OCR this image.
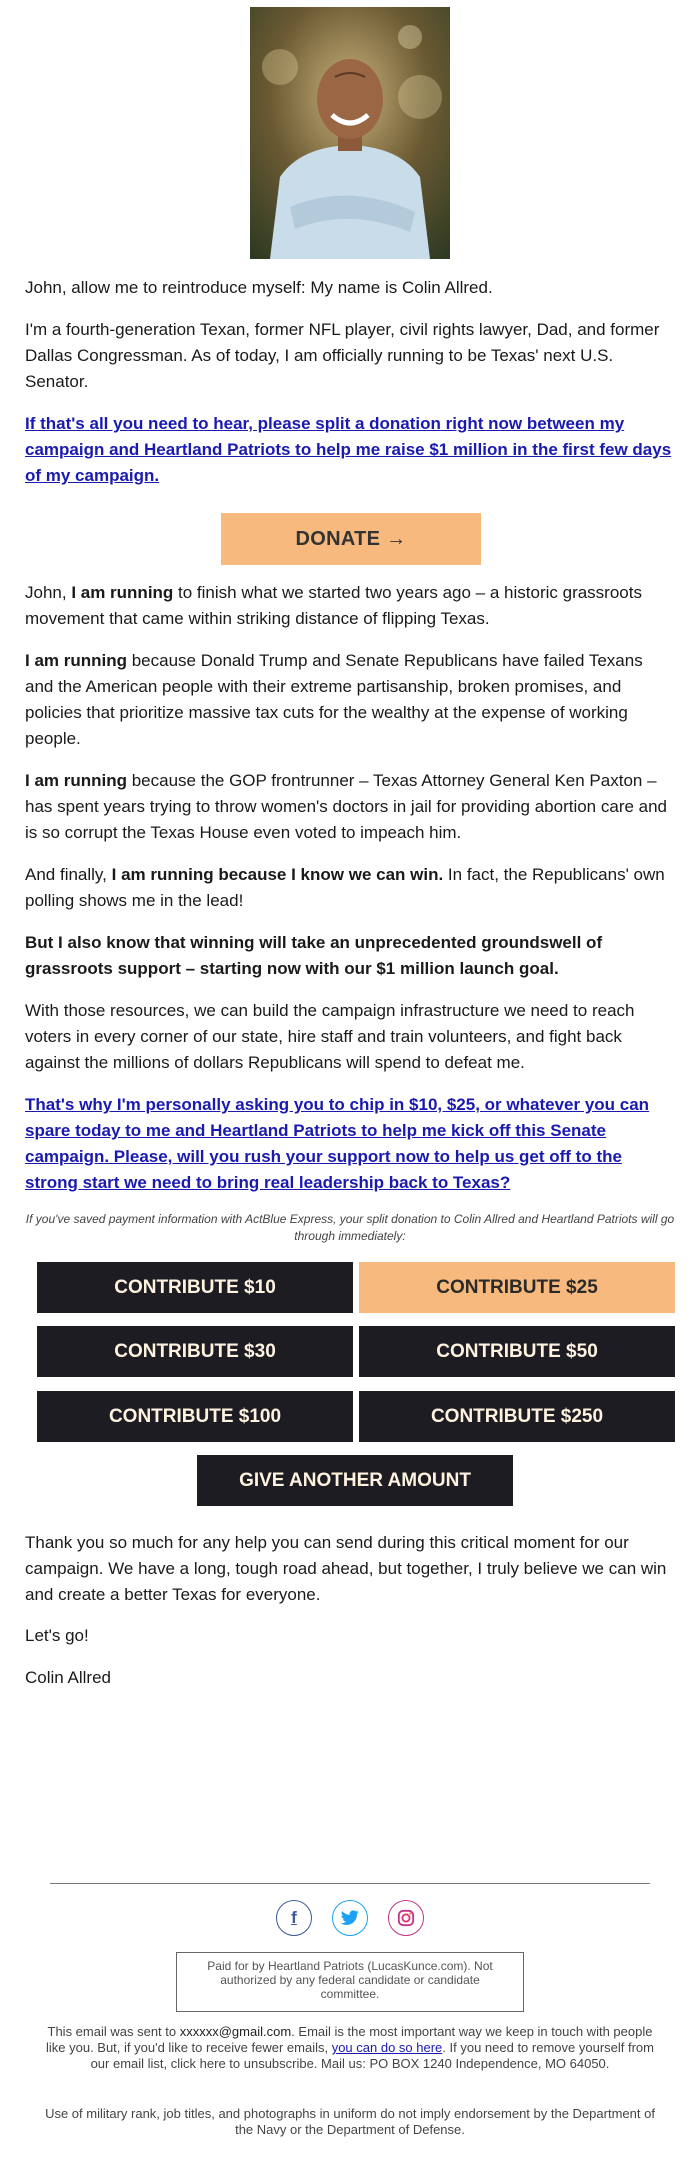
John, allow me to reintroduce myself: My name is Colin Allred.

I'm a fourth-generation Texan, former NFL player, civil rights lawyer, Dad, and former Dallas Congressman. As of today, I am officially running to be Texas' next U.S. Senator.

If that's all you need to hear, please split a donation right now between my campaign and Heartland Patriots to help me raise $1 million in the first few days of my campaign.

DONATE →

John, I am running to finish what we started two years ago – a historic grassroots movement that came within striking distance of flipping Texas.

I am running because Donald Trump and Senate Republicans have failed Texans and the American people with their extreme partisanship, broken promises, and policies that prioritize massive tax cuts for the wealthy at the expense of working people.

I am running because the GOP frontrunner – Texas Attorney General Ken Paxton – has spent years trying to throw women's doctors in jail for providing abortion care and is so corrupt the Texas House even voted to impeach him.

And finally, I am running because I know we can win. In fact, the Republicans' own polling shows me in the lead!

But I also know that winning will take an unprecedented groundswell of grassroots support – starting now with our $1 million launch goal.

With those resources, we can build the campaign infrastructure we need to reach voters in every corner of our state, hire staff and train volunteers, and fight back against the millions of dollars Republicans will spend to defeat me.

That's why I'm personally asking you to chip in $10, $25, or whatever you can spare today to me and Heartland Patriots to help me kick off this Senate campaign. Please, will you rush your support now to help us get off to the strong start we need to bring real leadership back to Texas?

If you've saved payment information with ActBlue Express, your split donation to Colin Allred and Heartland Patriots will go through immediately:
CONTRIBUTE $10	CONTRIBUTE $25
CONTRIBUTE $30	CONTRIBUTE $50
CONTRIBUTE $100	CONTRIBUTE $250
GIVE ANOTHER AMOUNT

Thank you so much for any help you can send during this critical moment for our campaign. We have a long, tough road ahead, but together, I truly believe we can win and create a better Texas for everyone.

Let's go!

Colin Allred

f
Paid for by Heartland Patriots (LucasKunce.com). Not authorized by any federal candidate or candidate committee.
This email was sent to xxxxxx@gmail.com. Email is the most important way we keep in touch with people like you. But, if you'd like to receive fewer emails, you can do so here. If you need to remove yourself from our email list, click here to unsubscribe. Mail us: PO BOX 1240 Independence, MO 64050.
Use of military rank, job titles, and photographs in uniform do not imply endorsement by the Department of the Navy or the Department of Defense.
